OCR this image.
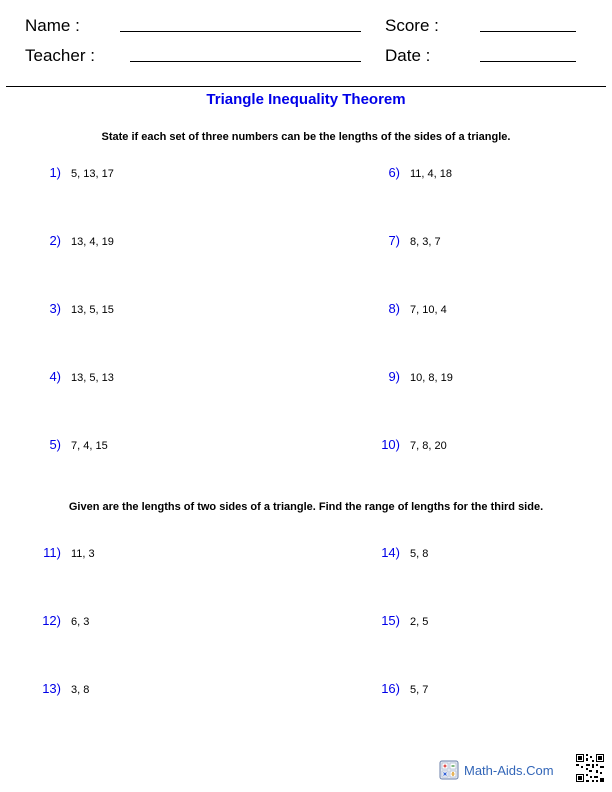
Name :	Score :
Teacher :	Date :
Triangle Inequality Theorem
State if each set of three numbers can be the lengths of the sides of a triangle.
1) 5, 13, 17
2) 13, 4, 19
3) 13, 5, 15
4) 13, 5, 13
5) 7, 4, 15
6) 11, 4, 18
7) 8, 3, 7
8) 7, 10, 4
9) 10, 8, 19
10) 7, 8, 20
Given are the lengths of two sides of a triangle. Find the range of lengths for the third side.
11) 11, 3
12) 6, 3
13) 3, 8
14) 5, 8
15) 2, 5
16) 5, 7
Math-Aids.Com
